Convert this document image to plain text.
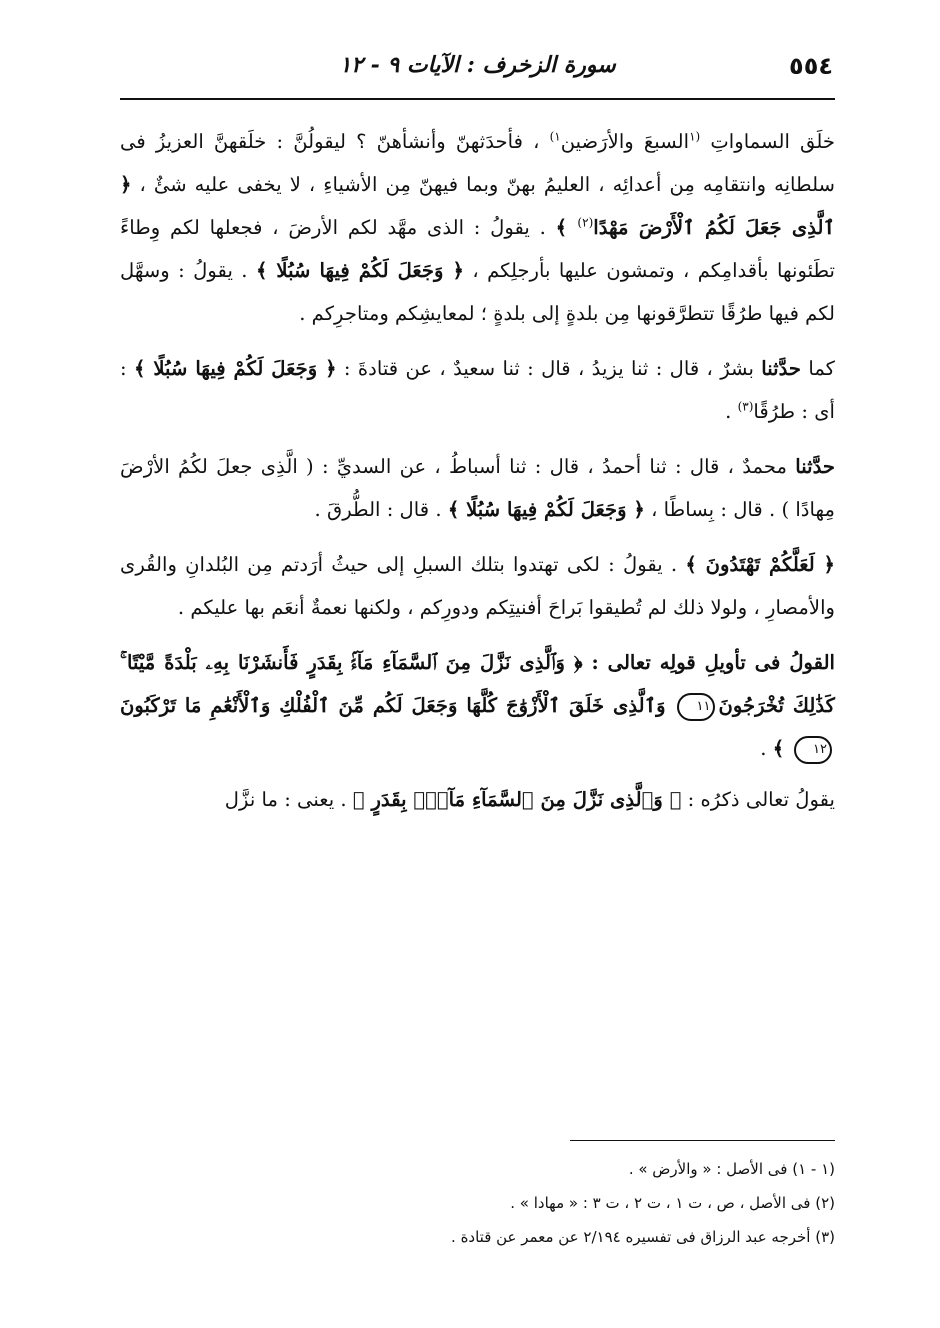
٥٥٤
سورة الزخرف : الآيات ٩ - ١٢

خلَق السماواتِ $^{(١}$السبعَ والأرَضين$^{١)}$ ، فأحدَثهنّ وأنشأهنّ ؟ ليقولُنَّ : خلَقهنَّ العزيزُ فى سلطانِه وانتقامِه مِن أعدائِه ، العليمُ بهنّ وبما فيهنّ مِن الأشياءِ ، لا يخفى عليه شئٌ ، ﴿ ٱلَّذِى جَعَلَ لَكُمُ ٱلْأَرْضَ مَهْدًا$^{(٢)}$ ﴾ . يقولُ : الذى مهَّد لكم الأرضَ ، فجعلها لكم وِطاءً تطَئونها بأقدامِكم ، وتمشون عليها بأرجلِكم ، ﴿ وَجَعَلَ لَكُمْ فِيهَا سُبُلًا ﴾ . يقولُ : وسهَّل لكم فيها طرُقًا تتطرَّقونها مِن بلدةٍ إلى بلدةٍ ؛ لمعايشِكم ومتاجرِكم .

كما حدَّثنا بشرٌ ، قال : ثنا يزيدُ ، قال : ثنا سعيدٌ ، عن قتادةَ : ﴿ وَجَعَلَ لَكُمْ فِيهَا سُبُلًا ﴾ : أى : طرُقًا$^{(٣)}$ .

حدَّثنا محمدٌ ، قال : ثنا أحمدُ ، قال : ثنا أسباطُ ، عن السديِّ : ( الَّذِى جعلَ لكُمُ الأرْضَ مِهادًا ) . قال : بِساطًا ، ﴿ وَجَعَلَ لَكُمْ فِيهَا سُبُلًا ﴾ . قال : الطُّرقَ .

﴿ لَعَلَّكُمْ تَهْتَدُونَ ﴾ . يقولُ : لكى تهتدوا بتلك السبلِ إلى حيثُ أرَدتم مِن البُلدانِ والقُرى والأمصارِ ، ولولا ذلك لم تُطيقوا بَراحَ أفنيتِكم ودورِكم ، ولكنها نعمةٌ أنعَم بها عليكم .

القولُ فى تأويلِ قولِه تعالى : ﴿ وَٱلَّذِى نَزَّلَ مِنَ ٱلسَّمَآءِ مَآءًۢ بِقَدَرٍ فَأَنشَرْنَا بِهِۦ بَلْدَةً مَّيْتًا ۚ كَذَٰلِكَ تُخْرَجُونَ١١ وَٱلَّذِى خَلَقَ ٱلْأَزْوَٰجَ كُلَّهَا وَجَعَلَ لَكُم مِّنَ ٱلْفُلْكِ وَٱلْأَنْعَٰمِ مَا تَرْكَبُونَ١٢ ﴾ .

يقولُ تعالى ذكرُه : ﴿ وَٱلَّذِى نَزَّلَ مِنَ ٱلسَّمَآءِ مَآءًۢ بِقَدَرٍ ﴾ . يعنى : ما نزَّل

(١ - ١) فى الأصل : « والأرض » .

(٢) فى الأصل ، ص ، ت ١ ، ت ٢ ، ت ٣ : « مهادا » .

(٣) أخرجه عبد الرزاق فى تفسيره ٢/١٩٤ عن معمر عن قتادة .
